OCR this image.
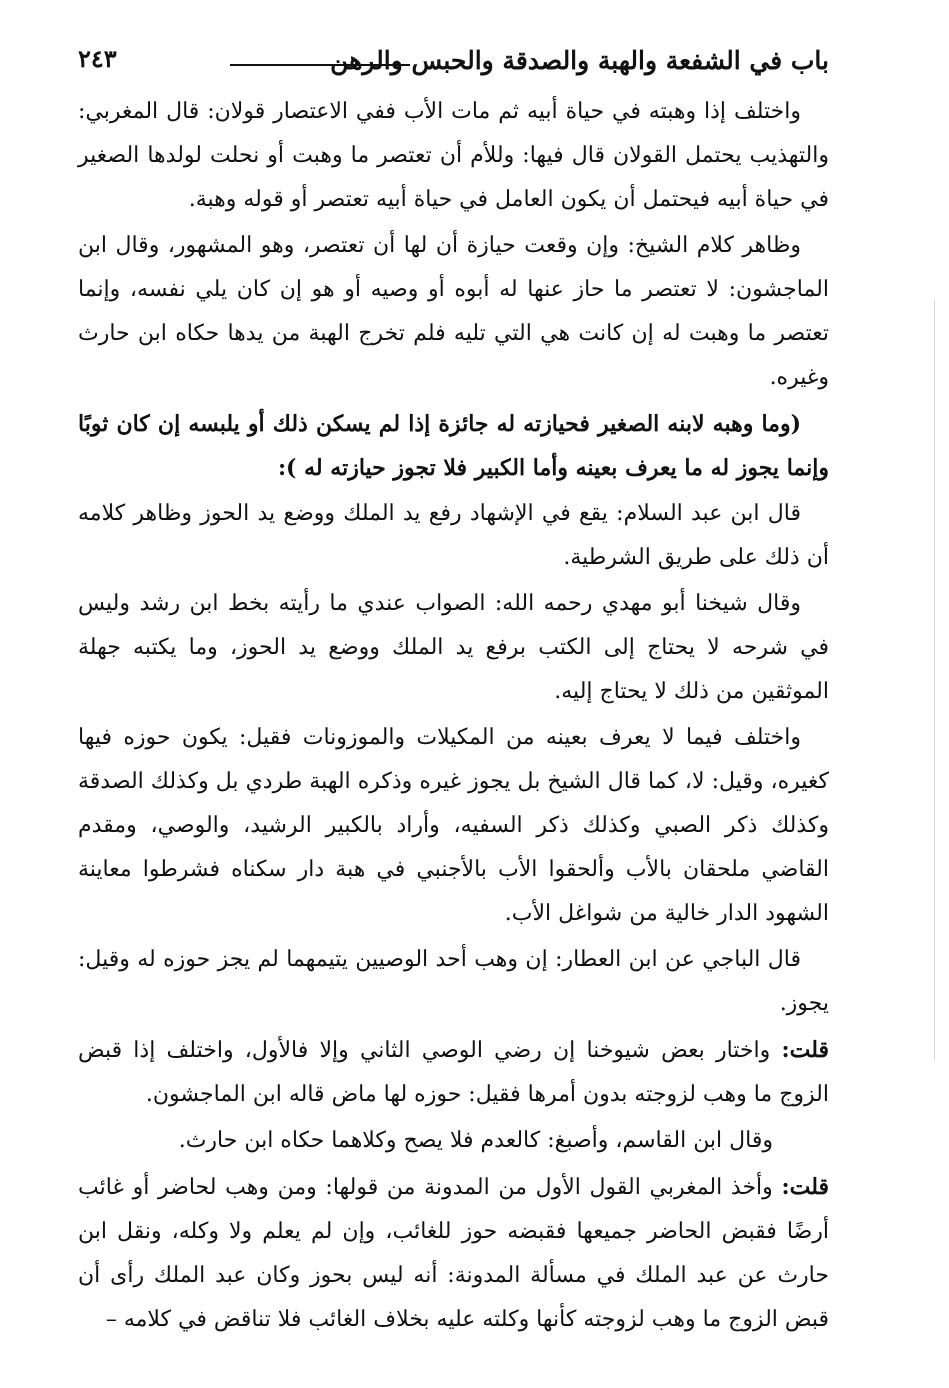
باب في الشفعة والهبة والصدقة والحبس والرهن
٢٤٣

واختلف إذا وهبته في حياة أبيه ثم مات الأب ففي الاعتصار قولان: قال المغربي: والتهذيب يحتمل القولان قال فيها: وللأم أن تعتصر ما وهبت أو نحلت لولدها الصغير في حياة أبيه فيحتمل أن يكون العامل في حياة أبيه تعتصر أو قوله وهبة.

وظاهر كلام الشيخ: وإن وقعت حيازة أن لها أن تعتصر، وهو المشهور، وقال ابن الماجشون: لا تعتصر ما حاز عنها له أبوه أو وصيه أو هو إن كان يلي نفسه، وإنما تعتصر ما وهبت له إن كانت هي التي تليه فلم تخرج الهبة من يدها حكاه ابن حارث وغيره.

(وما وهبه لابنه الصغير فحيازته له جائزة إذا لم يسكن ذلك أو يلبسه إن كان ثوبًا وإنما يجوز له ما يعرف بعينه وأما الكبير فلا تجوز حيازته له ):

قال ابن عبد السلام: يقع في الإشهاد رفع يد الملك ووضع يد الحوز وظاهر كلامه أن ذلك على طريق الشرطية.

وقال شيخنا أبو مهدي رحمه الله: الصواب عندي ما رأيته بخط ابن رشد وليس في شرحه لا يحتاج إلى الكتب برفع يد الملك ووضع يد الحوز، وما يكتبه جهلة الموثقين من ذلك لا يحتاج إليه.

واختلف فيما لا يعرف بعينه من المكيلات والموزونات فقيل: يكون حوزه فيها كغيره، وقيل: لا، كما قال الشيخ بل يجوز غيره وذكره الهبة طردي بل وكذلك الصدقة وكذلك ذكر الصبي وكذلك ذكر السفيه، وأراد بالكبير الرشيد، والوصي، ومقدم القاضي ملحقان بالأب وألحقوا الأب بالأجنبي في هبة دار سكناه فشرطوا معاينة الشهود الدار خالية من شواغل الأب.

قال الباجي عن ابن العطار: إن وهب أحد الوصيين يتيمهما لم يجز حوزه له وقيل: يجوز.

قلت: واختار بعض شيوخنا إن رضي الوصي الثاني وإلا فالأول، واختلف إذا قبض الزوج ما وهب لزوجته بدون أمرها فقيل: حوزه لها ماض قاله ابن الماجشون.

وقال ابن القاسم، وأصبغ: كالعدم فلا يصح وكلاهما حكاه ابن حارث.

قلت: وأخذ المغربي القول الأول من المدونة من قولها: ومن وهب لحاضر أو غائب أرضًا فقبض الحاضر جميعها فقبضه حوز للغائب، وإن لم يعلم ولا وكله، ونقل ابن حارث عن عبد الملك في مسألة المدونة: أنه ليس بحوز وكان عبد الملك رأى أن قبض الزوج ما وهب لزوجته كأنها وكلته عليه بخلاف الغائب فلا تناقض في كلامه –
